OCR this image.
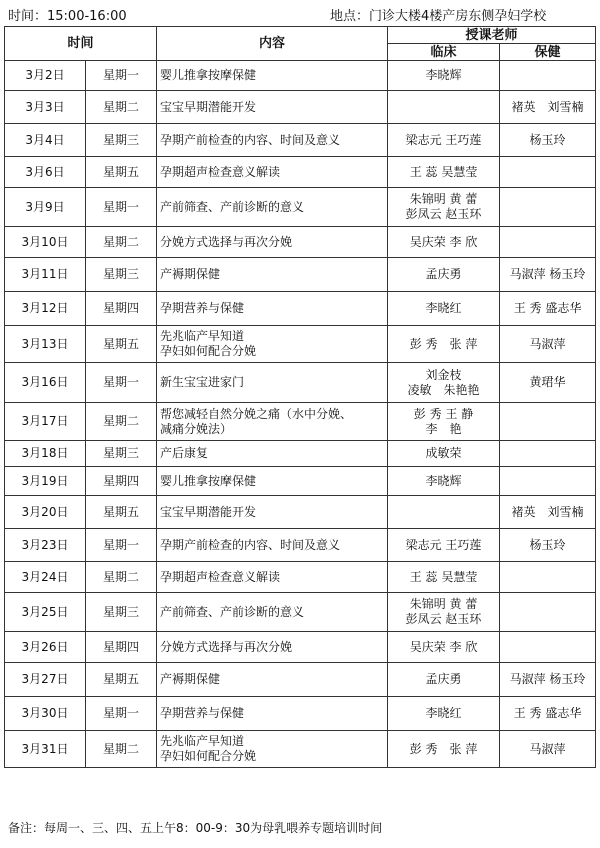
时间：15:00-16:00	地点：门诊大楼4楼产房东侧孕妇学校
时间		内容	授课老师	
			临床	保健
3月2日	星期一	婴儿推拿按摩保健	李晓辉	

3月3日	星期二	宝宝早期潜能开发		褚英　刘雪楠

3月4日	星期三	孕期产前检查的内容、时间及意义	梁志元 王巧莲	杨玉玲

3月6日	星期五	孕期超声检查意义解读	王 蕊 吴慧莹	

3月9日	星期一	产前筛查、产前诊断的意义	朱锦明 黄 蕾
彭凤云 赵玉环	

3月10日	星期二	分娩方式选择与再次分娩	吴庆荣 李 欣	

3月11日	星期三	产褥期保健	孟庆勇	马淑萍 杨玉玲

3月12日	星期四	孕期营养与保健	李晓红	王 秀 盛志华

3月13日	星期五	先兆临产早知道
孕妇如何配合分娩	彭 秀　张 萍	马淑萍

3月16日	星期一	新生宝宝进家门	刘金枝
凌敏　朱艳艳	黄珺华

3月17日	星期二	帮您减轻自然分娩之痛（水中分娩、
减痛分娩法）	彭 秀 王 静
李　艳	

3月18日	星期三	产后康复	成敏荣	

3月19日	星期四	婴儿推拿按摩保健	李晓辉	

3月20日	星期五	宝宝早期潜能开发		褚英　刘雪楠

3月23日	星期一	孕期产前检查的内容、时间及意义	梁志元 王巧莲	杨玉玲

3月24日	星期二	孕期超声检查意义解读	王 蕊 吴慧莹	

3月25日	星期三	产前筛查、产前诊断的意义	朱锦明 黄 蕾
彭凤云 赵玉环	

3月26日	星期四	分娩方式选择与再次分娩	吴庆荣 李 欣	

3月27日	星期五	产褥期保健	孟庆勇	马淑萍 杨玉玲

3月30日	星期一	孕期营养与保健	李晓红	王 秀 盛志华

3月31日	星期二	先兆临产早知道
孕妇如何配合分娩	彭 秀　张 萍	马淑萍
备注：每周一、三、四、五上午8：00-9：30为母乳喂养专题培训时间
